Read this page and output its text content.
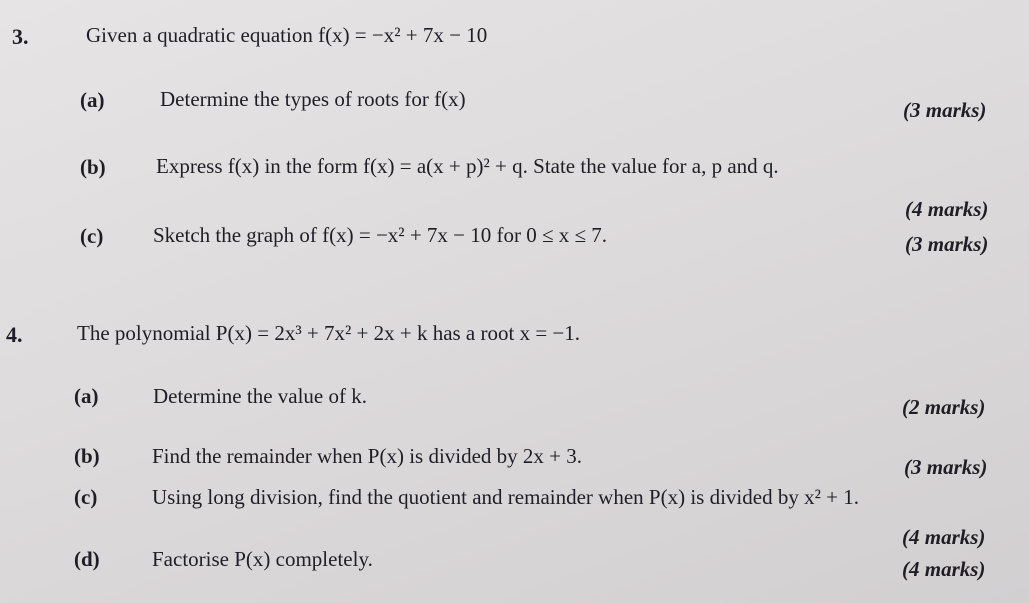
3.	Given a quadratic equation f(x) = −x² + 7x − 10
(a)	Determine the types of roots for f(x)	(3 marks)
(b) Express f(x) in the form f(x) = a(x + p)² + q. State the value for a, p and q.
(4 marks)
(c) Sketch the graph of f(x) = −x² + 7x − 10 for 0 ≤ x ≤ 7.	(3 marks)
4.	The polynomial P(x) = 2x³ + 7x² + 2x + k has a root x = −1.
(a)	Determine the value of k.	(2 marks)
(b) Find the remainder when P(x) is divided by 2x + 3.	(3 marks)
(c)	Using long division, find the quotient and remainder when P(x) is divided by x² + 1.
(4 marks)
(d) Factorise P(x) completely.	(4 marks)
